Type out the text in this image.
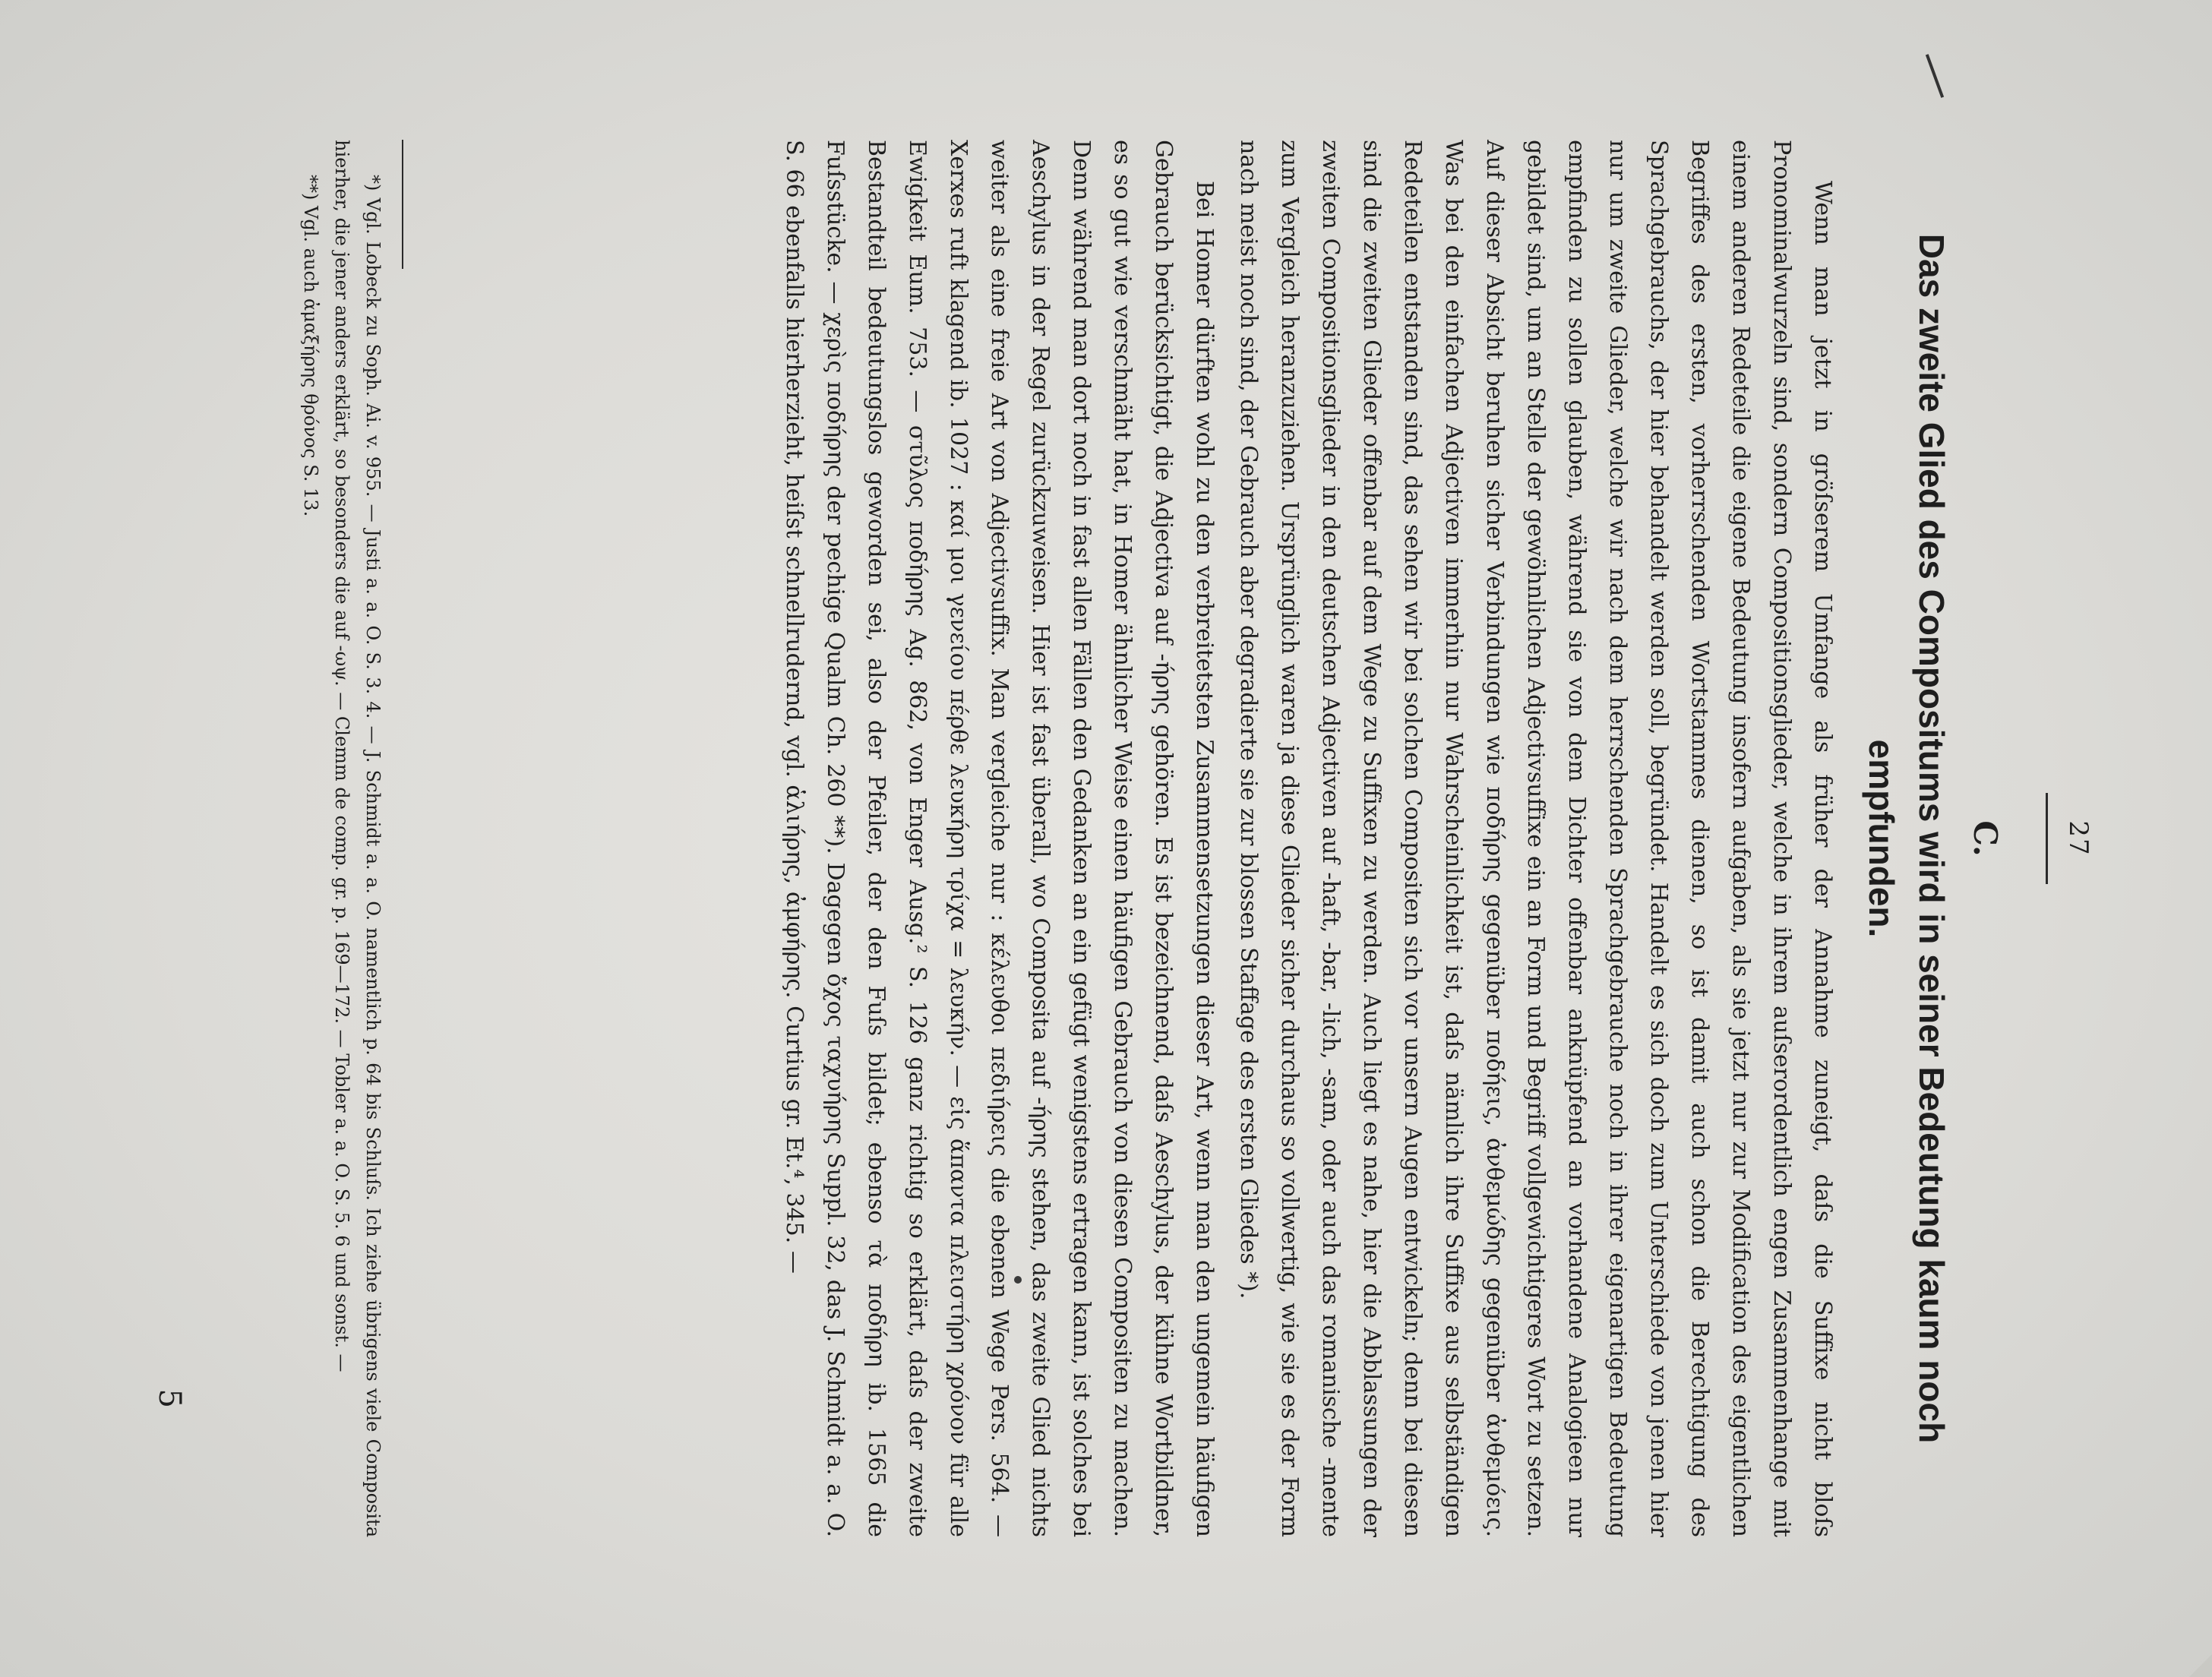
27
C.
Das zweite Glied des Compositums wird in seiner Bedeutung kaum noch empfunden.

Wenn man jetzt in gröſserem Umfange als früher der Annahme zuneigt, daſs die Suffixe nicht bloſs Pronominalwurzeln sind, sondern Compositionsglieder, welche in ihrem auſserordentlich engen Zusammenhange mit einem anderen Redeteile die eigene Bedeutung insofern aufgaben, als sie jetzt nur zur Modification des eigentlichen Begriffes des ersten, vorherrschenden Wortstammes dienen, so ist damit auch schon die Berechtigung des Sprachgebrauchs, der hier behandelt werden soll, begründet. Handelt es sich doch zum Unterschiede von jenen hier nur um zweite Glieder, welche wir nach dem herrschenden Sprachgebrauche noch in ihrer eigenartigen Bedeutung empfinden zu sollen glauben, während sie von dem Dichter offenbar anknüpfend an vorhandene Analogieen nur gebildet sind, um an Stelle der gewöhnlichen Adjectivsuffixe ein an Form und Begriff vollgewichtigeres Wort zu setzen. Auf dieser Absicht beruhen sicher Verbindungen wie ποδήρης gegenüber ποδήεις, ἀνθεμώδης gegenüber ἀνθεμόεις. Was bei den einfachen Adjectiven immerhin nur Wahrscheinlichkeit ist, daſs nämlich ihre Suffixe aus selbständigen Redeteilen entstanden sind, das sehen wir bei solchen Compositen sich vor unsern Augen entwickeln; denn bei diesen sind die zweiten Glieder offenbar auf dem Wege zu Suffixen zu werden. Auch liegt es nahe, hier die Abblassungen der zweiten Compositionsglieder in den deutschen Adjectiven auf -haft, -bar, -lich, -sam, oder auch das romanische -mente zum Vergleich heranzuziehen. Ursprünglich waren ja diese Glieder sicher durchaus so vollwertig, wie sie es der Form nach meist noch sind, der Gebrauch aber degradierte sie zur blossen Staffage des ersten Gliedes *).

Bei Homer dürften wohl zu den verbreitetsten Zusammensetzungen dieser Art, wenn man den ungemein häufigen Gebrauch berücksichtigt, die Adjectiva auf -ήρης gehören. Es ist bezeichnend, daſs Aeschylus, der kühne Wortbildner, es so gut wie verschmäht hat, in Homer ähnlicher Weise einen häufigen Gebrauch von diesen Compositen zu machen. Denn während man dort noch in fast allen Fällen den Gedanken an ein gefügt wenigstens ertragen kann, ist solches bei Aeschylus in der Regel zurückzuweisen. Hier ist fast überall, wo Composita auf -ήρης stehen, das zweite Glied nichts weiter als eine freie Art von Adjectivsuffix. Man vergleiche nur : κέλευθοι πεδιήρεις die ebenen Wege Pers. 564. — Xerxes ruft klagend ib. 1027 : καί μοι γενείου πέρθε λευκήρη τρίχα = λευκήν. — εἰς ἅπαντα πλειστήρη χρόνον für alle Ewigkeit Eum. 753. — στῦλος ποδήρης Ag. 862, von Enger Ausg.² S. 126 ganz richtig so erklärt, daſs der zweite Bestandteil bedeutungslos geworden sei, also der Pfeiler, der den Fuſs bildet; ebenso τὰ ποδήρη ib. 1565 die Fuſsstücke. — χερὶς ποδήρης der pechige Qualm Ch. 260 **). Dagegen ὄχος ταχυήρης Suppl. 32, das J. Schmidt a. a. O. S. 66 ebenfalls hierherzieht, heiſst schnellrudernd, vgl. ἁλιήρης, ἀμφήρης. Curtius gr. Et.⁴, 345. —

*) Vgl. Lobeck zu Soph. Ai. v. 955. — Justi a. a. O. S. 3. 4. — J. Schmidt a. a. O. namentlich p. 64 bis Schluſs. Ich ziehe übrigens viele Composita hierher, die jener anders erklärt, so besonders die auf -ωψ. — Clemm de comp. gr. p. 169—172. — Tobler a. a. O. S. 5. 6 und sonst. —

**) Vgl. auch ἀμαξήρης θρόνος S. 13.

5
